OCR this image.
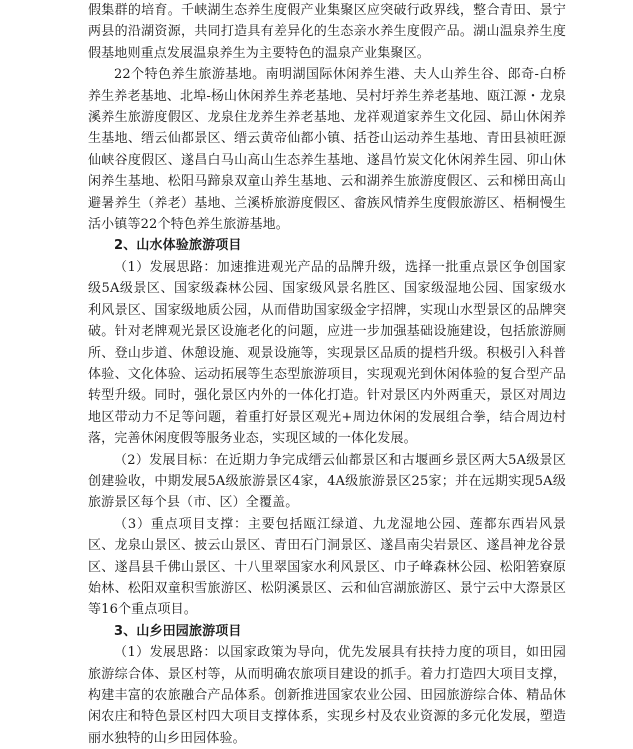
假集群的培育。千峡湖生态养生度假产业集聚区应突破行政界线，整合青田、景宁两县的沿湖资源，共同打造具有差异化的生态亲水养生度假产品。湖山温泉养生度假基地则重点发展温泉养生为主要特色的温泉产业集聚区。

22个特色养生旅游基地。南明湖国际休闲养生港、夫人山养生谷、郎奇-白桥养生养老基地、北埠-杨山休闲养生养老基地、吴村圩养生养老基地、瓯江源・龙泉溪养生旅游度假区、龙泉住龙养生养老基地、龙祥观道家养生文化园、昴山休闲养生基地、缙云仙都景区、缙云黄帝仙都小镇、括苍山运动养生基地、青田县祯旺源仙峡谷度假区、遂昌白马山高山生态养生基地、遂昌竹炭文化休闲养生园、卯山休闲养生基地、松阳马蹄泉双童山养生基地、云和湖养生旅游度假区、云和梯田高山避暑养生（养老）基地、兰溪桥旅游度假区、畲族风情养生度假旅游区、梧桐慢生活小镇等22个特色养生旅游基地。

2、山水体验旅游项目

（1）发展思路：加速推进观光产品的品牌升级，选择一批重点景区争创国家级5A级景区、国家级森林公园、国家级风景名胜区、国家级湿地公园、国家级水利风景区、国家级地质公园，从而借助国家级金字招牌，实现山水型景区的品牌突破。针对老牌观光景区设施老化的问题，应进一步加强基础设施建设，包括旅游厕所、登山步道、休憩设施、观景设施等，实现景区品质的提档升级。积极引入科普体验、文化体验、运动拓展等生态型旅游项目，实现观光到休闲体验的复合型产品转型升级。同时，强化景区内外的一体化打造。针对景区内外两重天，景区对周边地区带动力不足等问题，着重打好景区观光+周边休闲的发展组合拳，结合周边村落，完善休闲度假等服务业态，实现区域的一体化发展。

（2）发展目标：在近期力争完成缙云仙都景区和古堰画乡景区两大5A级景区创建验收，中期发展5A级旅游景区4家，4A级旅游景区25家；并在远期实现5A级旅游景区每个县（市、区）全覆盖。

（3）重点项目支撑：主要包括瓯江绿道、九龙湿地公园、莲都东西岩风景区、龙泉山景区、披云山景区、青田石门洞景区、遂昌南尖岩景区、遂昌神龙谷景区、遂昌县千佛山景区、十八里翠国家水利风景区、巾子峰森林公园、松阳箬寮原始林、松阳双童积雪旅游区、松阴溪景区、云和仙宫湖旅游区、景宁云中大漈景区等16个重点项目。

3、山乡田园旅游项目

（1）发展思路：以国家政策为导向，优先发展具有扶持力度的项目，如田园旅游综合体、景区村等，从而明确农旅项目建设的抓手。着力打造四大项目支撑，构建丰富的农旅融合产品体系。创新推进国家农业公园、田园旅游综合体、精品休闲农庄和特色景区村四大项目支撑体系，实现乡村及农业资源的多元化发展，塑造丽水独特的山乡田园体验。
